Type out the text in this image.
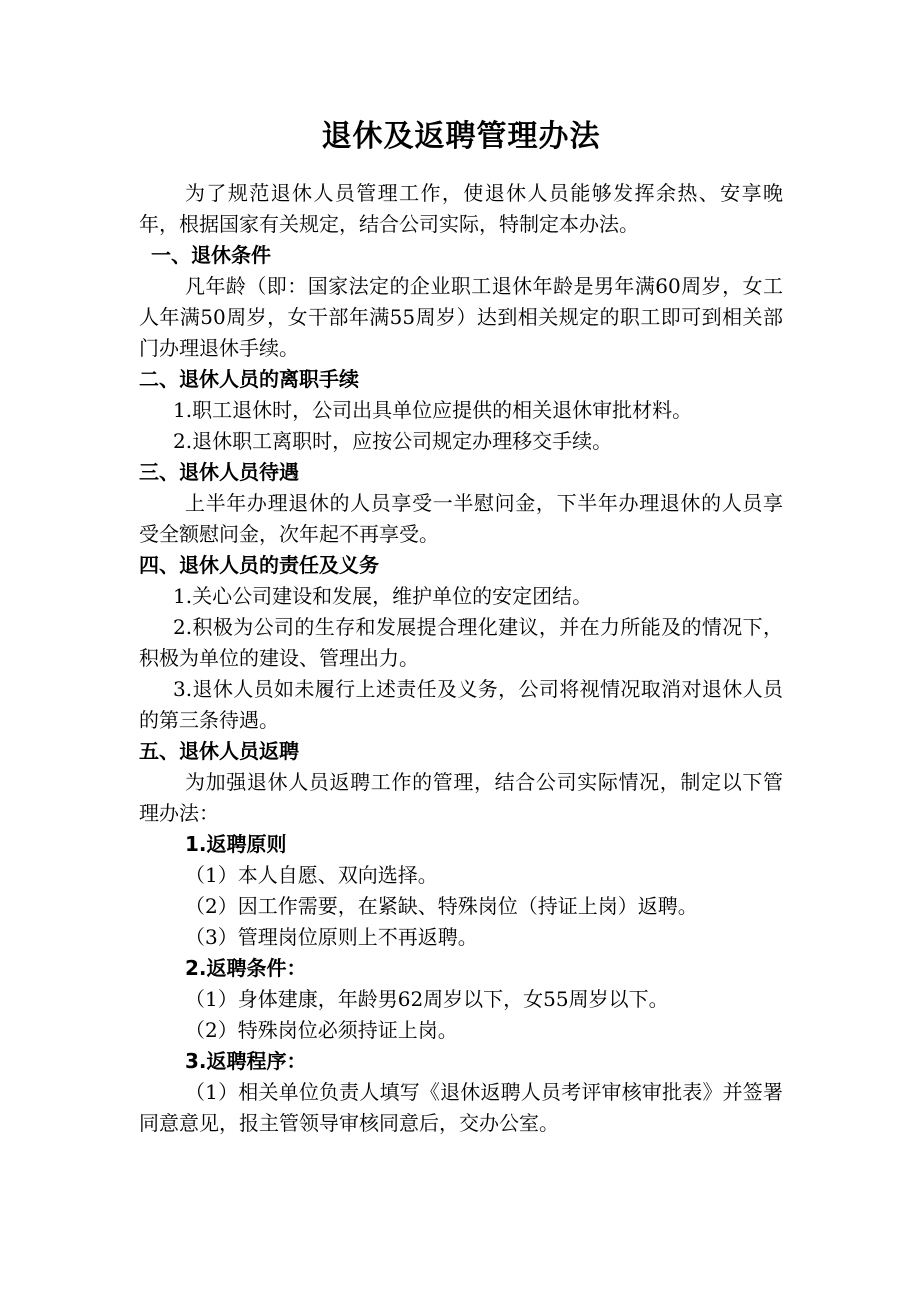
退休及返聘管理办法

为了规范退休人员管理工作，使退休人员能够发挥余热、安享晚年，根据国家有关规定，结合公司实际，特制定本办法。

一、退休条件

凡年龄（即：国家法定的企业职工退休年龄是男年满60周岁，女工人年满50周岁，女干部年满55周岁）达到相关规定的职工即可到相关部门办理退休手续。

二、退休人员的离职手续

1.职工退休时，公司出具单位应提供的相关退休审批材料。

2.退休职工离职时，应按公司规定办理移交手续。

三、退休人员待遇

上半年办理退休的人员享受一半慰问金，下半年办理退休的人员享受全额慰问金，次年起不再享受。

四、退休人员的责任及义务

1.关心公司建设和发展，维护单位的安定团结。

2.积极为公司的生存和发展提合理化建议，并在力所能及的情况下，积极为单位的建设、管理出力。

3.退休人员如未履行上述责任及义务，公司将视情况取消对退休人员的第三条待遇。

五、退休人员返聘

为加强退休人员返聘工作的管理，结合公司实际情况，制定以下管理办法：

1.返聘原则

（1）本人自愿、双向选择。

（2）因工作需要，在紧缺、特殊岗位（持证上岗）返聘。

（3）管理岗位原则上不再返聘。

2.返聘条件：

（1）身体建康，年龄男62周岁以下，女55周岁以下。

（2）特殊岗位必须持证上岗。

3.返聘程序：

（1）相关单位负责人填写《退休返聘人员考评审核审批表》并签署同意意见，报主管领导审核同意后，交办公室。
